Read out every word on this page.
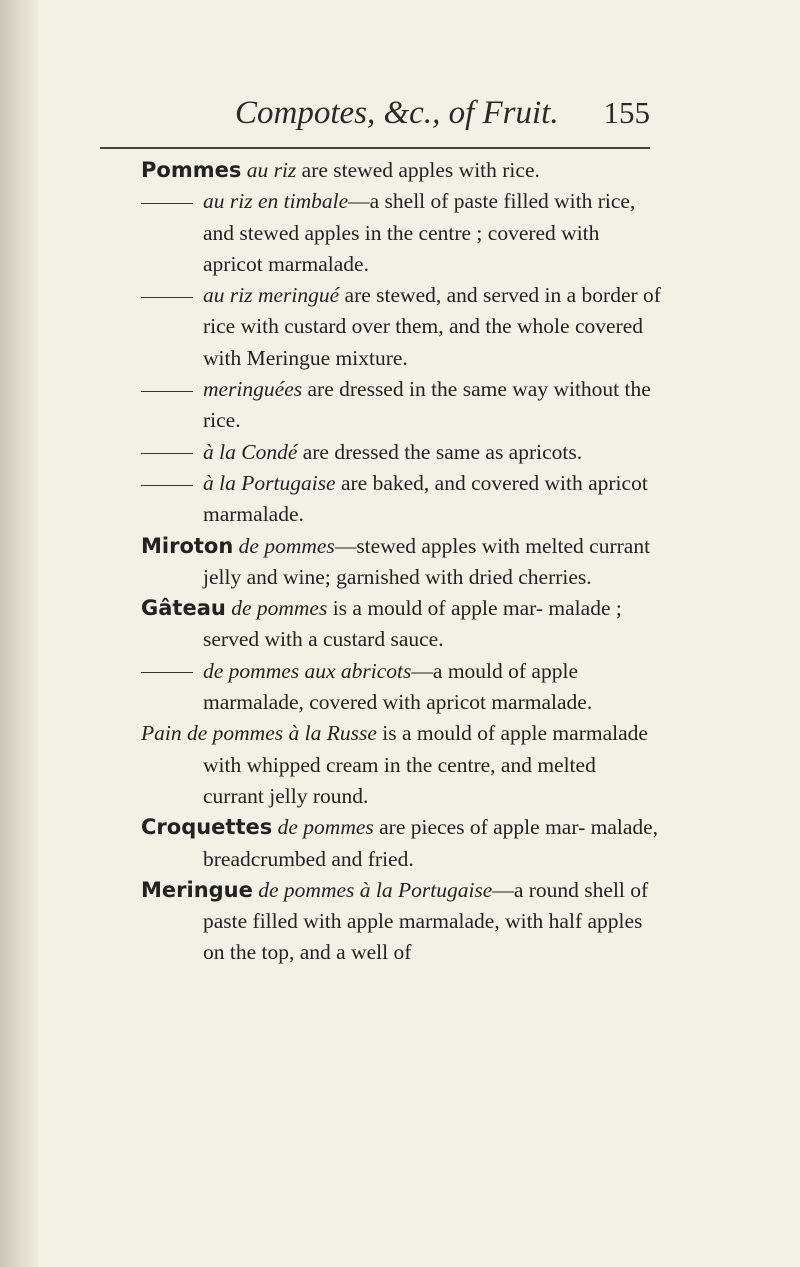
Compotes, &c., of Fruit. 155

Pommes au riz are stewed apples with rice.

au riz en timbale—a shell of paste filled with rice, and stewed apples in the centre ; covered with apricot marmalade.

au riz meringué are stewed, and served in a border of rice with custard over them, and the whole covered with Meringue mixture.

meringuées are dressed in the same way without the rice.

à la Condé are dressed the same as apricots.

à la Portugaise are baked, and covered with apricot marmalade.

Miroton de pommes—stewed apples with melted currant jelly and wine; garnished with dried cherries.

Gâteau de pommes is a mould of apple mar- malade ; served with a custard sauce.

de pommes aux abricots—a mould of apple marmalade, covered with apricot marmalade.

Pain de pommes à la Russe is a mould of apple marmalade with whipped cream in the centre, and melted currant jelly round.

Croquettes de pommes are pieces of apple mar- malade, breadcrumbed and fried.

Meringue de pommes à la Portugaise—a round shell of paste filled with apple marmalade, with half apples on the top, and a well of
